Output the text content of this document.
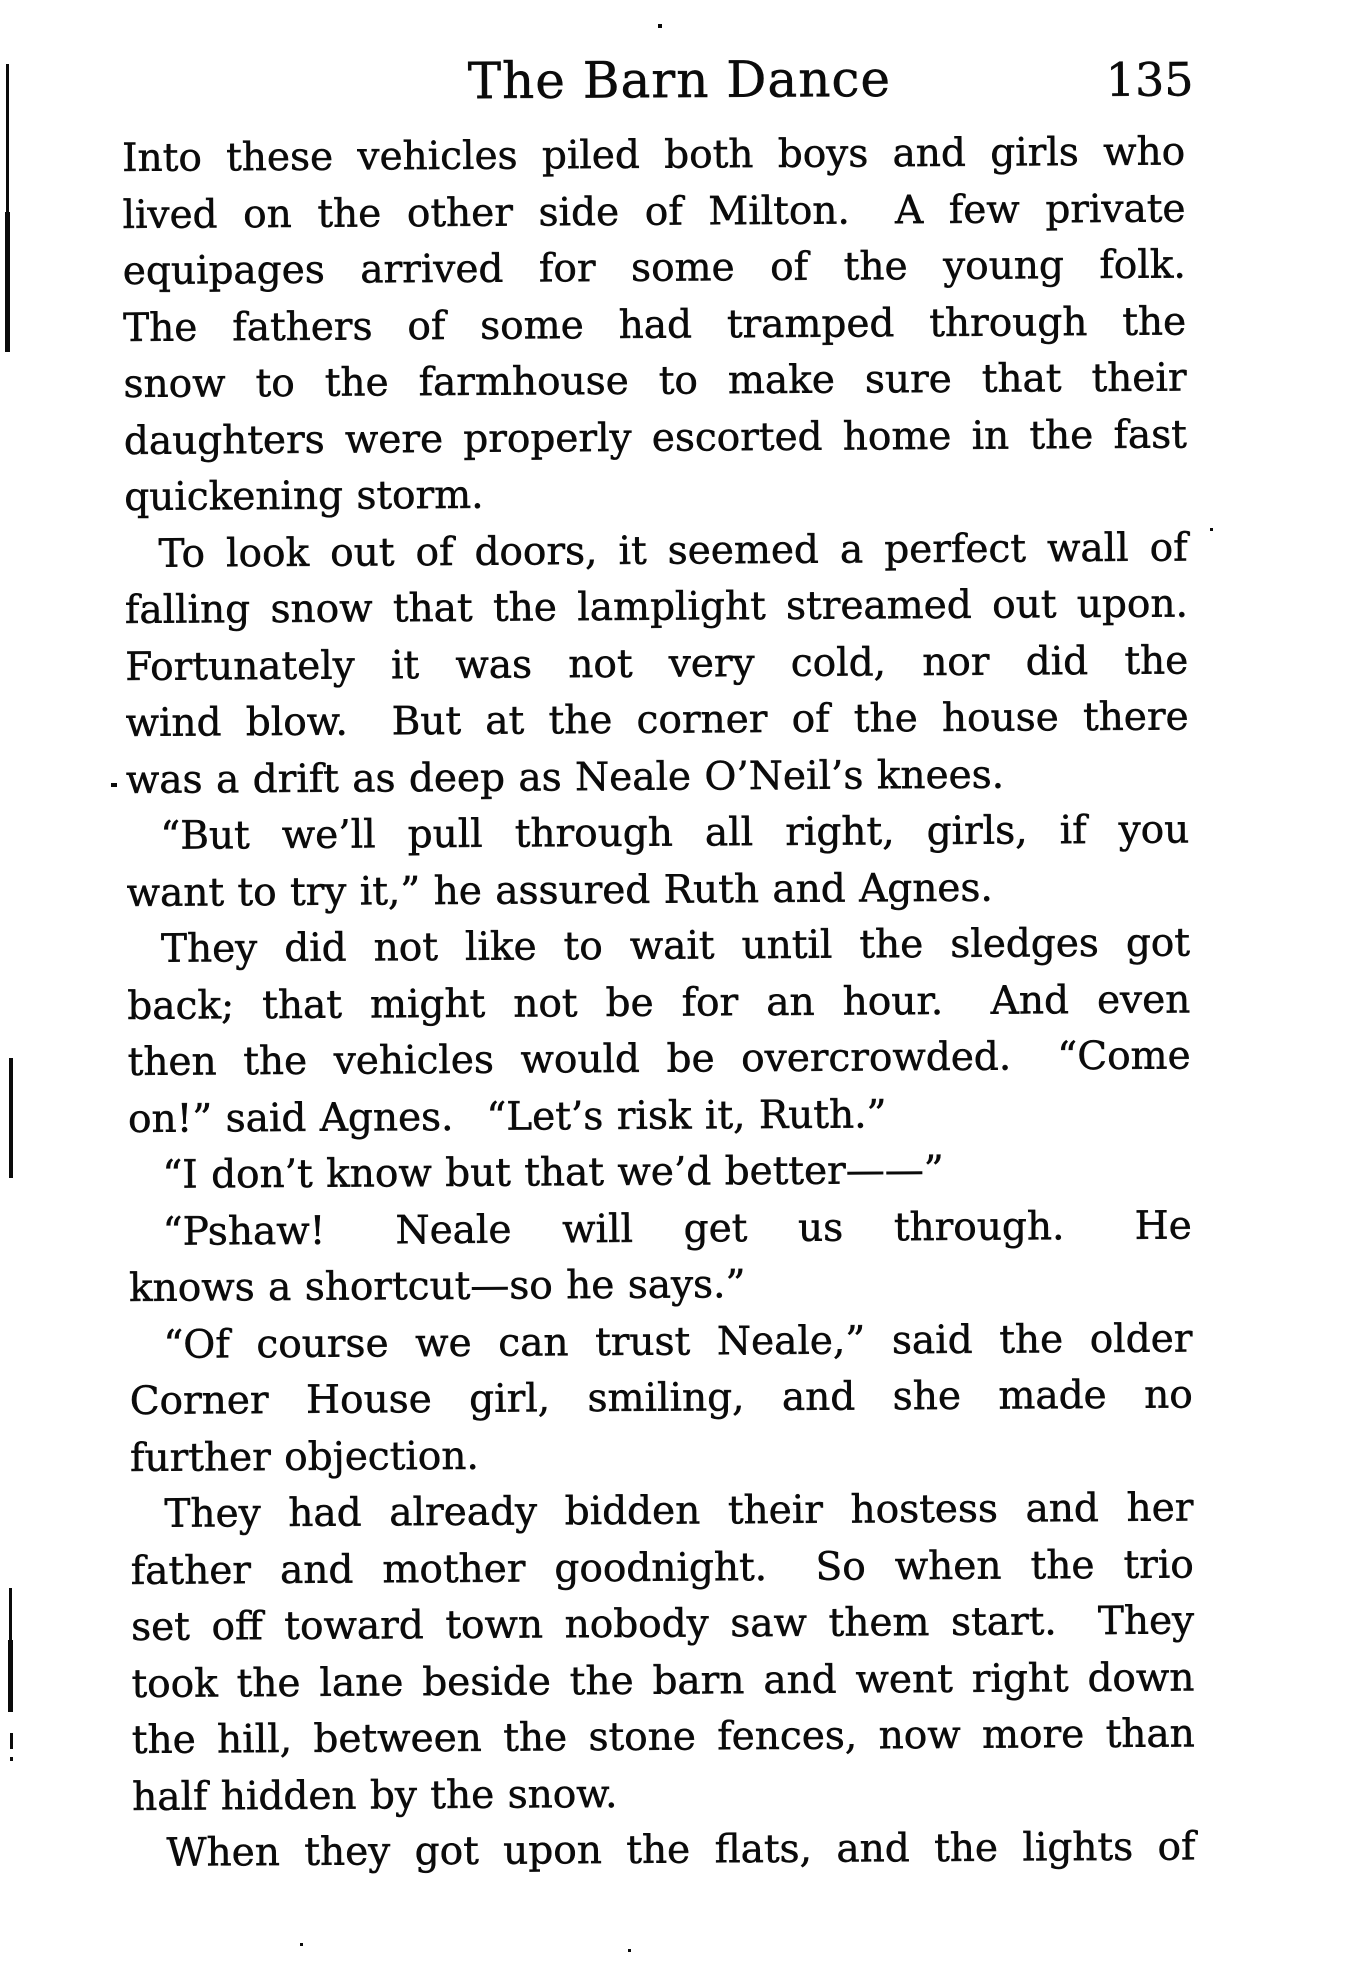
The Barn Dance	135
Into these vehicles piled both boys and girls who
lived on the other side of Milton.  A few private
equipages arrived for some of the young folk.
The fathers of some had tramped through the
snow to the farmhouse to make sure that their
daughters were properly escorted home in the fast
quickening storm.
To look out of doors, it seemed a perfect wall of
falling snow that the lamplight streamed out upon.
Fortunately it was not very cold, nor did the
wind blow.  But at the corner of the house there
was a drift as deep as Neale O’Neil’s knees.
“But we’ll pull through all right, girls, if you
want to try it,” he assured Ruth and Agnes.
They did not like to wait until the sledges got
back; that might not be for an hour.  And even
then the vehicles would be overcrowded.  “Come
on!” said Agnes.  “Let’s risk it, Ruth.”
“I don’t know but that we’d better——”
“Pshaw!  Neale will get us through.  He
knows a shortcut—so he says.”
“Of course we can trust Neale,” said the older
Corner House girl, smiling, and she made no
further objection.
They had already bidden their hostess and her
father and mother goodnight.  So when the trio
set off toward town nobody saw them start.  They
took the lane beside the barn and went right down
the hill, between the stone fences, now more than
half hidden by the snow.
When they got upon the flats, and the lights of
